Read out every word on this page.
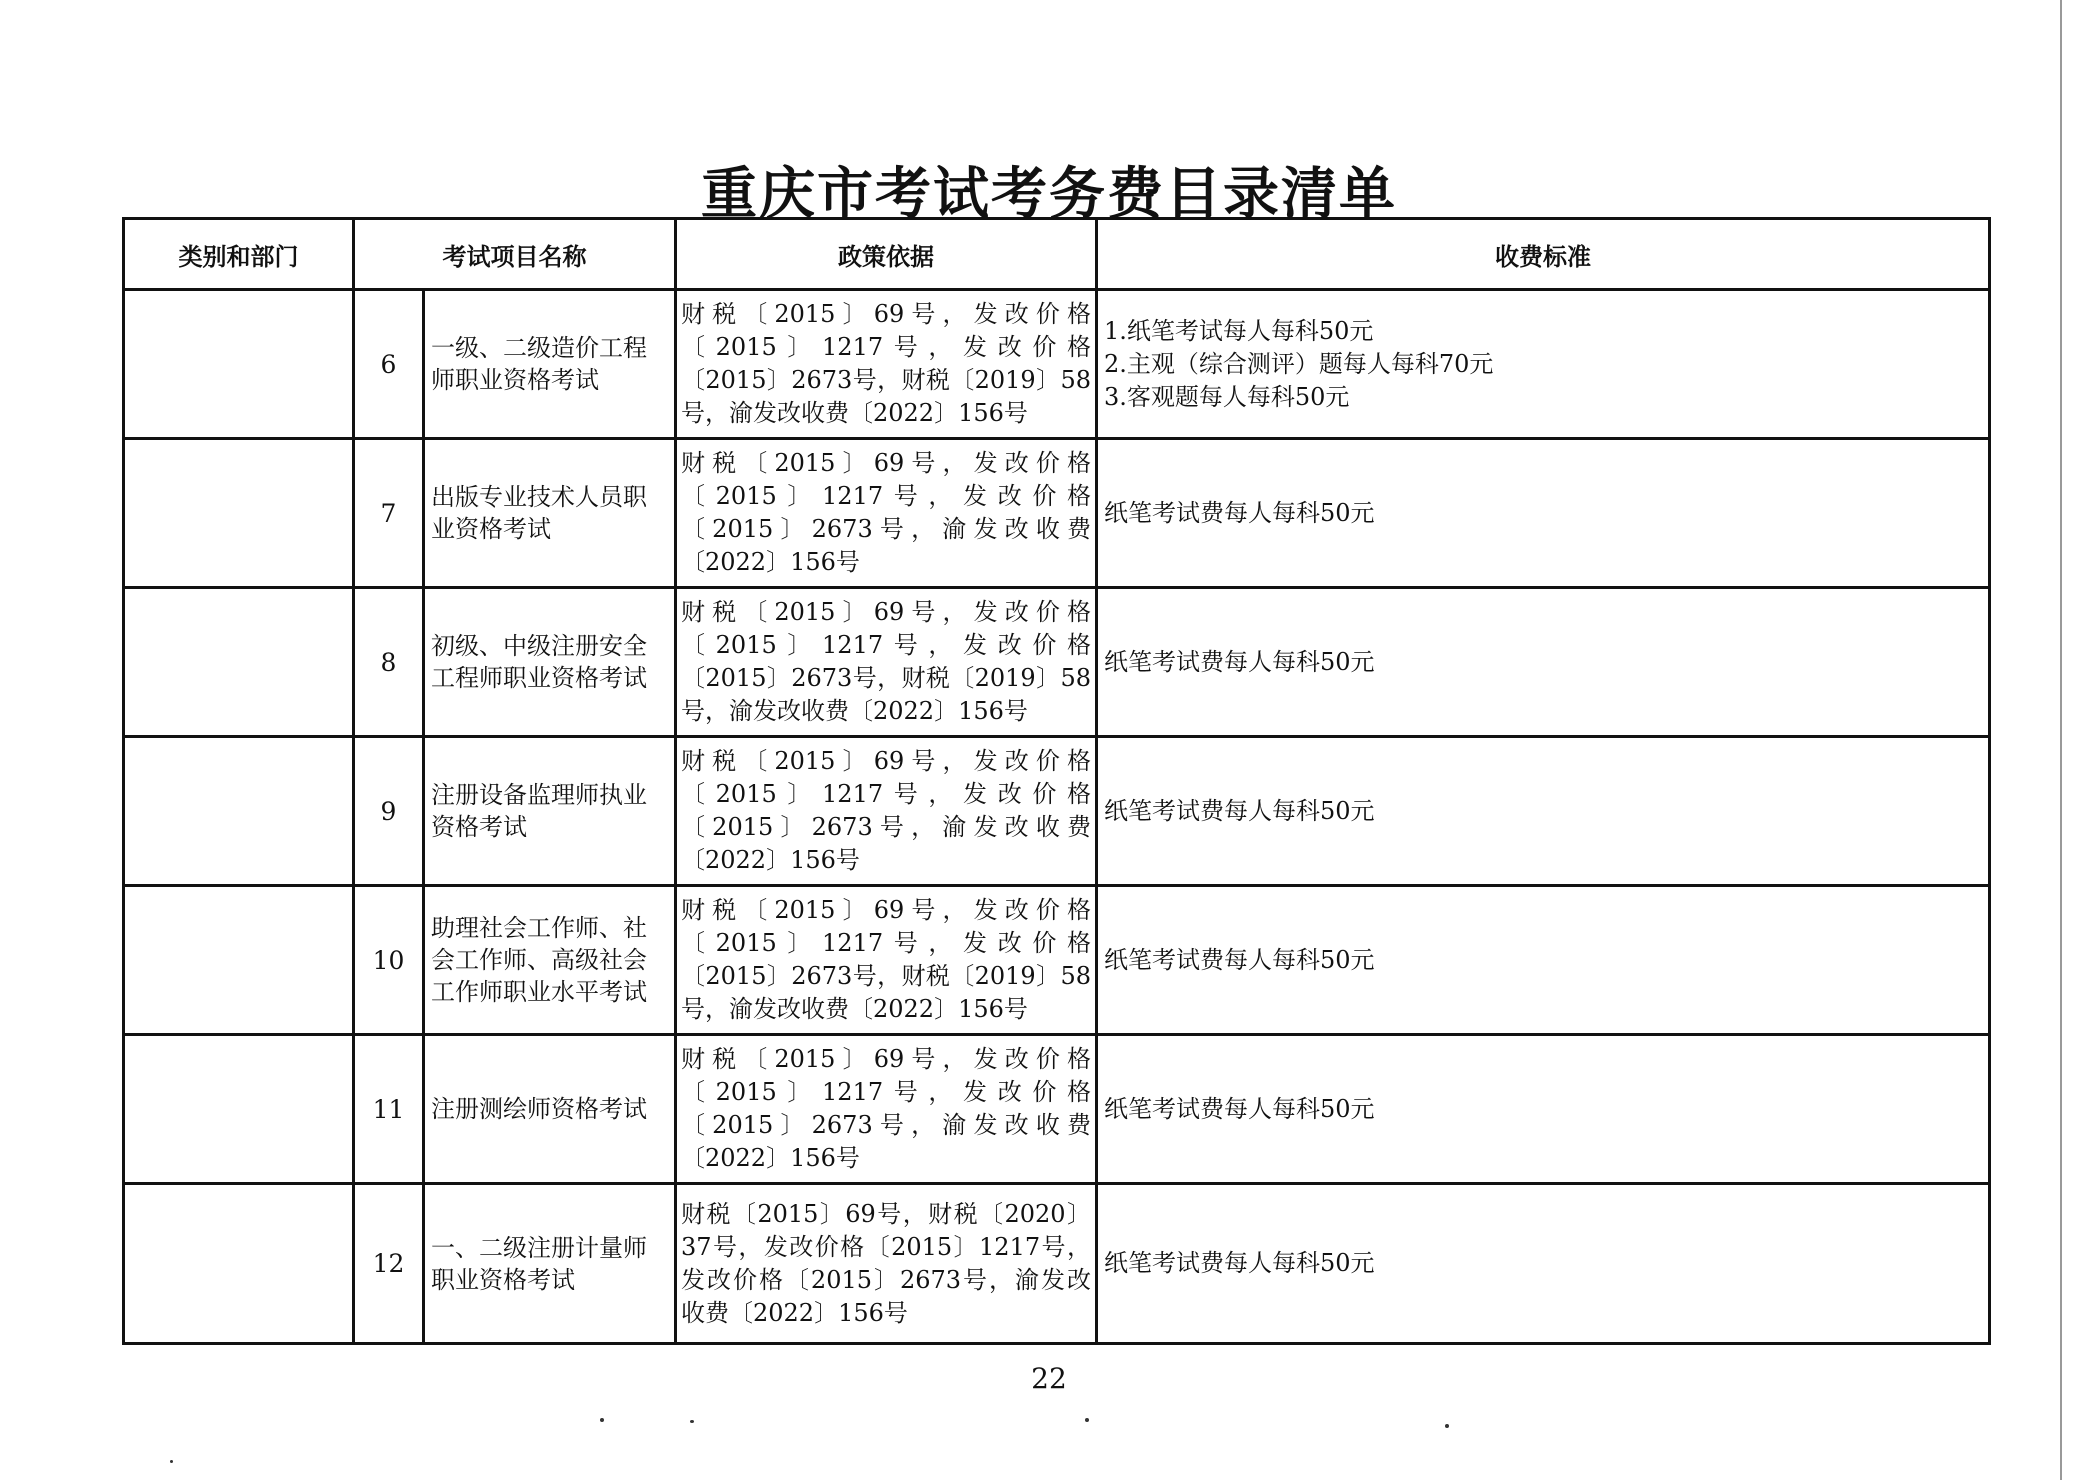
重庆市考试考务费目录清单
类别和部门	考试项目名称		政策依据	收费标准
	6	一级、二级造价工程师职业资格考试	财税〔2015〕69号，发改价格〔2015〕1217号，发改价格〔2015〕2673号，财税〔2019〕58号，渝发改收费〔2022〕156号	1.纸笔考试每人每科50元
2.主观（综合测评）题每人每科70元
3.客观题每人每科50元

	7	出版专业技术人员职业资格考试	财税〔2015〕69号，发改价格〔2015〕1217号，发改价格〔2015〕2673号，渝发改收费〔2022〕156号	纸笔考试费每人每科50元

	8	初级、中级注册安全工程师职业资格考试	财税〔2015〕69号，发改价格〔2015〕1217号，发改价格〔2015〕2673号，财税〔2019〕58号，渝发改收费〔2022〕156号	纸笔考试费每人每科50元

	9	注册设备监理师执业资格考试	财税〔2015〕69号，发改价格〔2015〕1217号，发改价格〔2015〕2673号，渝发改收费〔2022〕156号	纸笔考试费每人每科50元

	10	助理社会工作师、社会工作师、高级社会工作师职业水平考试	财税〔2015〕69号，发改价格〔2015〕1217号，发改价格〔2015〕2673号，财税〔2019〕58号，渝发改收费〔2022〕156号	纸笔考试费每人每科50元

	11	注册测绘师资格考试	财税〔2015〕69号，发改价格〔2015〕1217号，发改价格〔2015〕2673号，渝发改收费〔2022〕156号	纸笔考试费每人每科50元

	12	一、二级注册计量师职业资格考试	财税〔2015〕69号，财税〔2020〕37号，发改价格〔2015〕1217号，发改价格〔2015〕2673号，渝发改收费〔2022〕156号	纸笔考试费每人每科50元
22
